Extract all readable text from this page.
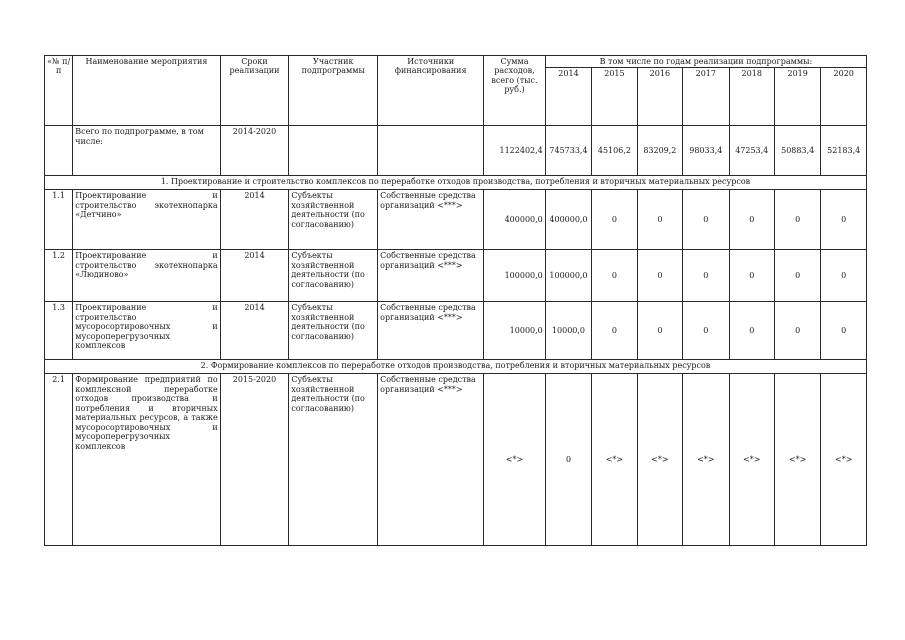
«№ п/п	Наименование мероприятия	Сроки реализации	Участник подпрограммы	Источники финансирования	Сумма расходов, всего (тыс. руб.)	В том числе по годам реализации подпрограммы:						
						2014	2015	2016	2017	2018	2019	2020
	Всего по подпрограмме, в том числе:	2014-2020			1122402,4	745733,4	45106,2	83209,2	98033,4	47253,4	50883,4	52183,4
1. Проектирование и строительство комплексов по переработке отходов производства, потребления и вторичных материальных ресурсов												
1.1	Проектирование и строительство экотехнопарка «Детчино»	2014	Субъекты хозяйственной деятельности (по согласованию)	Собственные средства организаций <***>	400000,0	400000,0	0	0	0	0	0	0
1.2	Проектирование и строительство экотехнопарка «Людиново»	2014	Субъекты хозяйственной деятельности (по согласованию)	Собственные средства организаций <***>	100000,0	100000,0	0	0	0	0	0	0
1.3	Проектирование и строительство мусоросортировочных и мусороперегрузочных комплексов	2014	Субъекты хозяйственной деятельности (по согласованию)	Собственные средства организаций <***>	10000,0	10000,0	0	0	0	0	0	0
2. Формирование комплексов по переработке отходов производства, потребления и вторичных материальных ресурсов												
2.1	Формирование предприятий по комплексной переработке отходов производства и потребления и вторичных материальных ресурсов, а также мусоросортировочных и мусороперегрузочных комплексов	2015-2020	Субъекты хозяйственной деятельности (по согласованию)	Собственные средства организаций <***>	<*>	0	<*>	<*>	<*>	<*>	<*>	<*>
